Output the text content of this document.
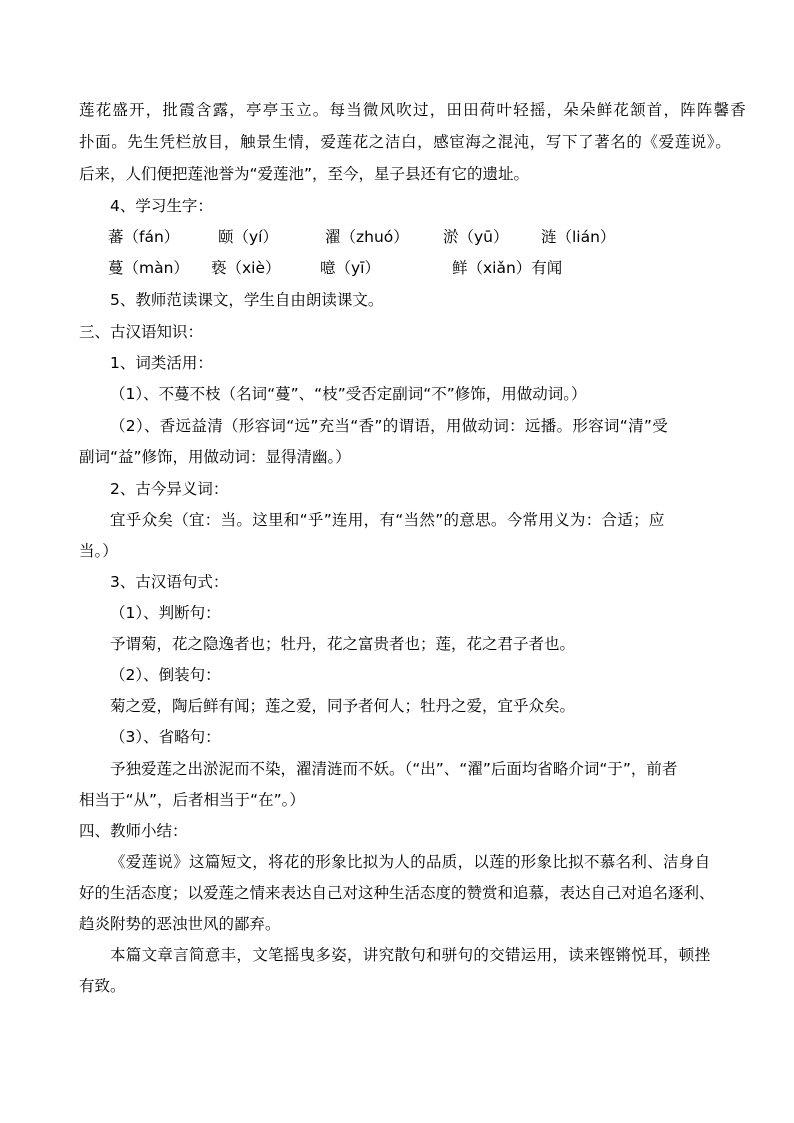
莲花盛开，批霞含露，亭亭玉立。每当微风吹过，田田荷叶轻摇，朵朵鲜花颔首，阵阵馨香
扑面。先生凭栏放目，触景生情，爱莲花之洁白，感宦海之混沌，写下了著名的《爱莲说》。
后来，人们便把莲池誉为“爱莲池”，至今，星子县还有它的遗址。
4、学习生字：
蕃（fán） 颐（yí）	濯（zhuó） 淤（yū） 涟（lián）
蔓（màn） 亵（xiè）	噫（yī）	鲜（xiǎn）有闻
5、教师范读课文，学生自由朗读课文。
三、古汉语知识：
1、词类活用：
（1）、不蔓不枝（名词“蔓”、“枝”受否定副词“不”修饰，用做动词。）
（2）、香远益清（形容词“远”充当“香”的谓语，用做动词：远播。形容词“清”受
副词“益”修饰，用做动词：显得清幽。）
2、古今异义词：
宜乎众矣（宜：当。这里和“乎”连用，有“当然”的意思。今常用义为：合适；应
当。）
3、古汉语句式：
（1）、判断句：
予谓菊，花之隐逸者也；牡丹，花之富贵者也；莲，花之君子者也。
（2）、倒装句：
菊之爱，陶后鲜有闻；莲之爱，同予者何人；牡丹之爱，宜乎众矣。
（3）、省略句：
予独爱莲之出淤泥而不染，濯清涟而不妖。（“出”、“濯”后面均省略介词“于”，前者
相当于“从”，后者相当于“在”。）
四、教师小结：
《爱莲说》这篇短文，将花的形象比拟为人的品质，以莲的形象比拟不慕名利、洁身自
好的生活态度；以爱莲之情来表达自己对这种生活态度的赞赏和追慕，表达自己对追名逐利、
趋炎附势的恶浊世风的鄙弃。
本篇文章言简意丰，文笔摇曳多姿，讲究散句和骈句的交错运用，读来铿锵悦耳，顿挫
有致。
